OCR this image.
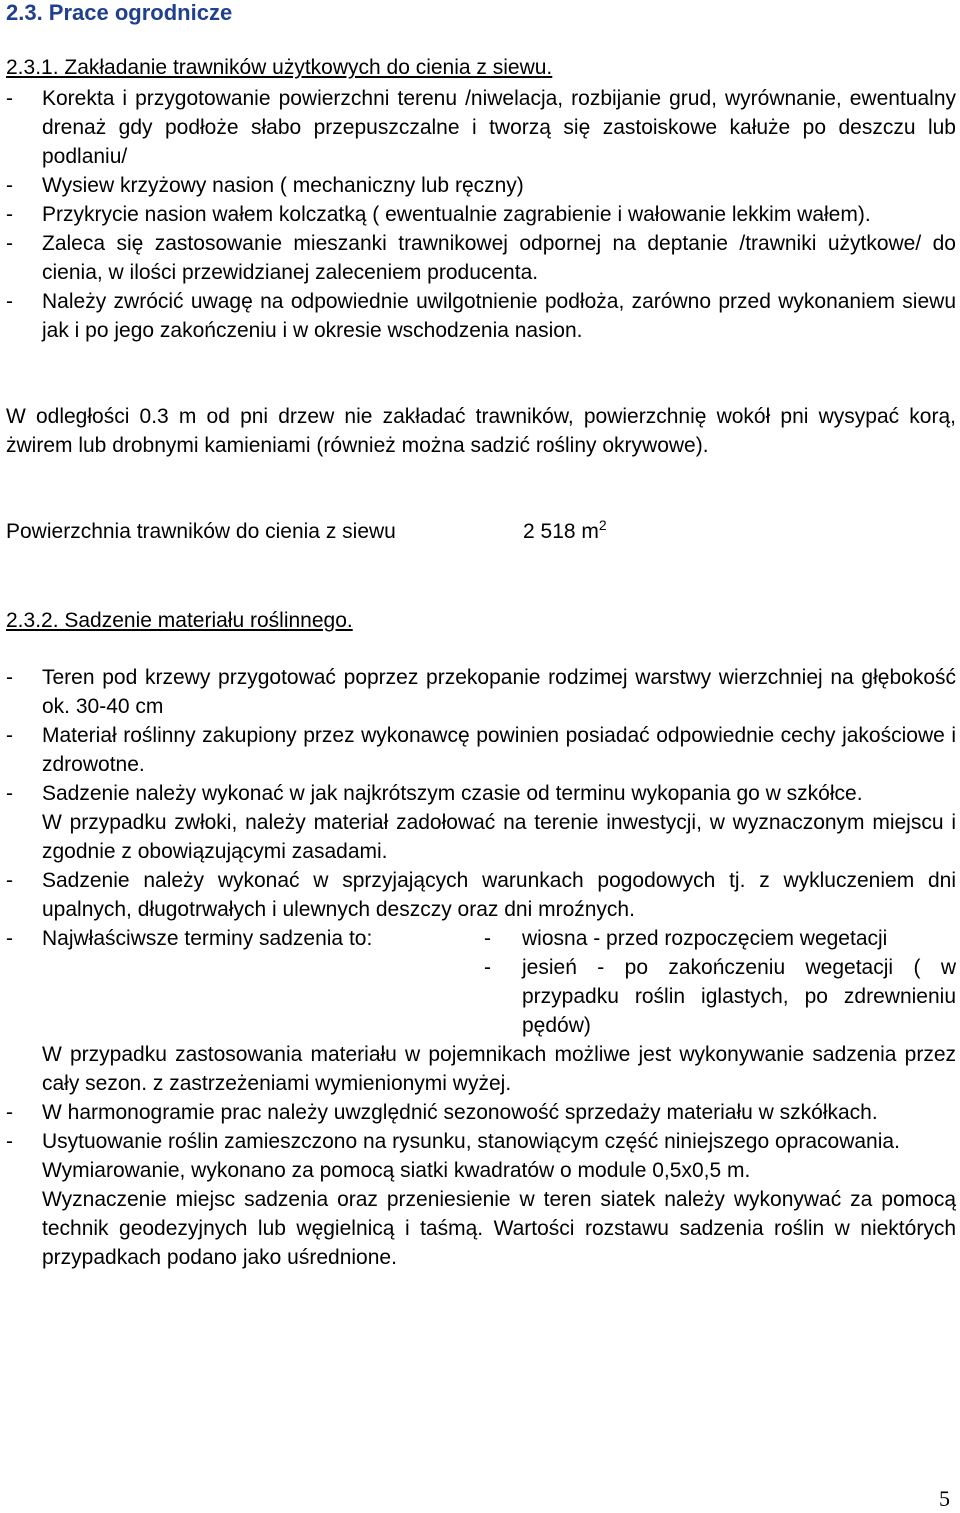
2.3. Prace ogrodnicze
2.3.1. Zakładanie trawników użytkowych do cienia z siewu.
-	Korekta i przygotowanie powierzchni terenu /niwelacja, rozbijanie grud, wyrównanie, ewentualny drenaż gdy podłoże słabo przepuszczalne i tworzą się zastoiskowe kałuże po deszczu lub podlaniu/
-	Wysiew krzyżowy nasion ( mechaniczny lub ręczny)
-	Przykrycie nasion wałem kolczatką ( ewentualnie zagrabienie i wałowanie lekkim wałem).
-	Zaleca się zastosowanie mieszanki trawnikowej odpornej na deptanie /trawniki użytkowe/ do cienia, w ilości przewidzianej zaleceniem producenta.
-	Należy zwrócić uwagę na odpowiednie uwilgotnienie podłoża, zarówno przed wykonaniem siewu jak i po jego zakończeniu i w okresie wschodzenia nasion.
W odległości 0.3 m od pni drzew nie zakładać trawników, powierzchnię wokół pni wysypać korą, żwirem lub drobnymi kamieniami (również można sadzić rośliny okrywowe).
Powierzchnia trawników do cienia z siewu	2 518 $m^2$
2.3.2. Sadzenie materiału roślinnego.
-	Teren pod krzewy przygotować poprzez przekopanie rodzimej warstwy wierzchniej na głębokość ok. 30-40 cm
-	Materiał roślinny zakupiony przez wykonawcę powinien posiadać odpowiednie cechy jakościowe i zdrowotne.
-	Sadzenie należy wykonać w jak najkrótszym czasie od terminu wykopania go w szkółce.
W przypadku zwłoki, należy materiał zadołować na terenie inwestycji, w wyznaczonym miejscu i zgodnie z obowiązującymi zasadami.
-	Sadzenie należy wykonać w sprzyjających warunkach pogodowych tj. z wykluczeniem dni upalnych, długotrwałych i ulewnych deszczy oraz dni mroźnych.
-	Najwłaściwsze terminy sadzenia to:	-	wiosna - przed rozpoczęciem wegetacji
-	jesień - po zakończeniu wegetacji ( w przypadku roślin iglastych, po zdrewnieniu pędów)
W przypadku zastosowania materiału w pojemnikach możliwe jest wykonywanie sadzenia przez cały sezon. z zastrzeżeniami wymienionymi wyżej.
-	W harmonogramie prac należy uwzględnić sezonowość sprzedaży materiału w szkółkach.
-	Usytuowanie roślin zamieszczono na rysunku, stanowiącym część niniejszego opracowania.
Wymiarowanie, wykonano za pomocą siatki kwadratów o module 0,5x0,5 m.
Wyznaczenie miejsc sadzenia oraz przeniesienie w teren siatek należy wykonywać za pomocą technik geodezyjnych lub węgielnicą i taśmą. Wartości rozstawu sadzenia roślin w niektórych przypadkach podano jako uśrednione.
5
